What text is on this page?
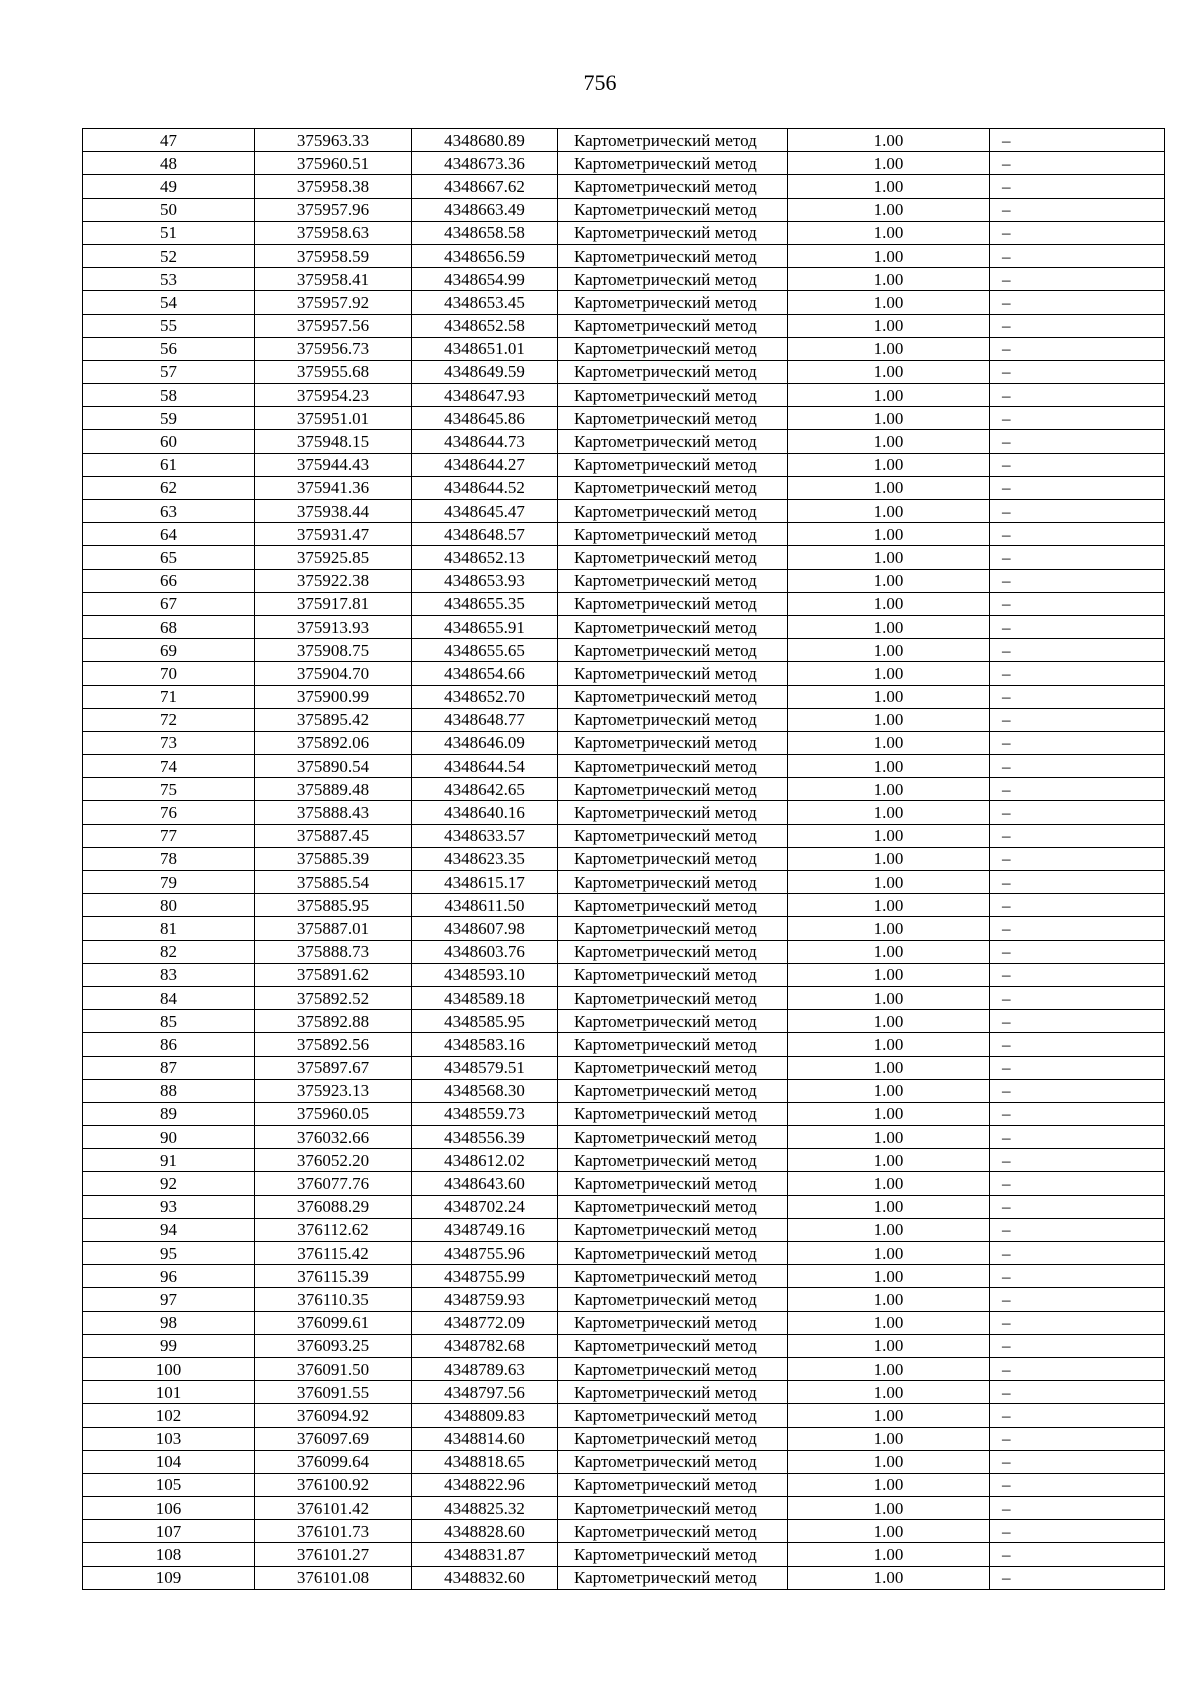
756
47	375963.33	4348680.89	Картометрический метод	1.00	–
48	375960.51	4348673.36	Картометрический метод	1.00	–
49	375958.38	4348667.62	Картометрический метод	1.00	–
50	375957.96	4348663.49	Картометрический метод	1.00	–
51	375958.63	4348658.58	Картометрический метод	1.00	–
52	375958.59	4348656.59	Картометрический метод	1.00	–
53	375958.41	4348654.99	Картометрический метод	1.00	–
54	375957.92	4348653.45	Картометрический метод	1.00	–
55	375957.56	4348652.58	Картометрический метод	1.00	–
56	375956.73	4348651.01	Картометрический метод	1.00	–
57	375955.68	4348649.59	Картометрический метод	1.00	–
58	375954.23	4348647.93	Картометрический метод	1.00	–
59	375951.01	4348645.86	Картометрический метод	1.00	–
60	375948.15	4348644.73	Картометрический метод	1.00	–
61	375944.43	4348644.27	Картометрический метод	1.00	–
62	375941.36	4348644.52	Картометрический метод	1.00	–
63	375938.44	4348645.47	Картометрический метод	1.00	–
64	375931.47	4348648.57	Картометрический метод	1.00	–
65	375925.85	4348652.13	Картометрический метод	1.00	–
66	375922.38	4348653.93	Картометрический метод	1.00	–
67	375917.81	4348655.35	Картометрический метод	1.00	–
68	375913.93	4348655.91	Картометрический метод	1.00	–
69	375908.75	4348655.65	Картометрический метод	1.00	–
70	375904.70	4348654.66	Картометрический метод	1.00	–
71	375900.99	4348652.70	Картометрический метод	1.00	–
72	375895.42	4348648.77	Картометрический метод	1.00	–
73	375892.06	4348646.09	Картометрический метод	1.00	–
74	375890.54	4348644.54	Картометрический метод	1.00	–
75	375889.48	4348642.65	Картометрический метод	1.00	–
76	375888.43	4348640.16	Картометрический метод	1.00	–
77	375887.45	4348633.57	Картометрический метод	1.00	–
78	375885.39	4348623.35	Картометрический метод	1.00	–
79	375885.54	4348615.17	Картометрический метод	1.00	–
80	375885.95	4348611.50	Картометрический метод	1.00	–
81	375887.01	4348607.98	Картометрический метод	1.00	–
82	375888.73	4348603.76	Картометрический метод	1.00	–
83	375891.62	4348593.10	Картометрический метод	1.00	–
84	375892.52	4348589.18	Картометрический метод	1.00	–
85	375892.88	4348585.95	Картометрический метод	1.00	–
86	375892.56	4348583.16	Картометрический метод	1.00	–
87	375897.67	4348579.51	Картометрический метод	1.00	–
88	375923.13	4348568.30	Картометрический метод	1.00	–
89	375960.05	4348559.73	Картометрический метод	1.00	–
90	376032.66	4348556.39	Картометрический метод	1.00	–
91	376052.20	4348612.02	Картометрический метод	1.00	–
92	376077.76	4348643.60	Картометрический метод	1.00	–
93	376088.29	4348702.24	Картометрический метод	1.00	–
94	376112.62	4348749.16	Картометрический метод	1.00	–
95	376115.42	4348755.96	Картометрический метод	1.00	–
96	376115.39	4348755.99	Картометрический метод	1.00	–
97	376110.35	4348759.93	Картометрический метод	1.00	–
98	376099.61	4348772.09	Картометрический метод	1.00	–
99	376093.25	4348782.68	Картометрический метод	1.00	–
100	376091.50	4348789.63	Картометрический метод	1.00	–
101	376091.55	4348797.56	Картометрический метод	1.00	–
102	376094.92	4348809.83	Картометрический метод	1.00	–
103	376097.69	4348814.60	Картометрический метод	1.00	–
104	376099.64	4348818.65	Картометрический метод	1.00	–
105	376100.92	4348822.96	Картометрический метод	1.00	–
106	376101.42	4348825.32	Картометрический метод	1.00	–
107	376101.73	4348828.60	Картометрический метод	1.00	–
108	376101.27	4348831.87	Картометрический метод	1.00	–
109	376101.08	4348832.60	Картометрический метод	1.00	–
